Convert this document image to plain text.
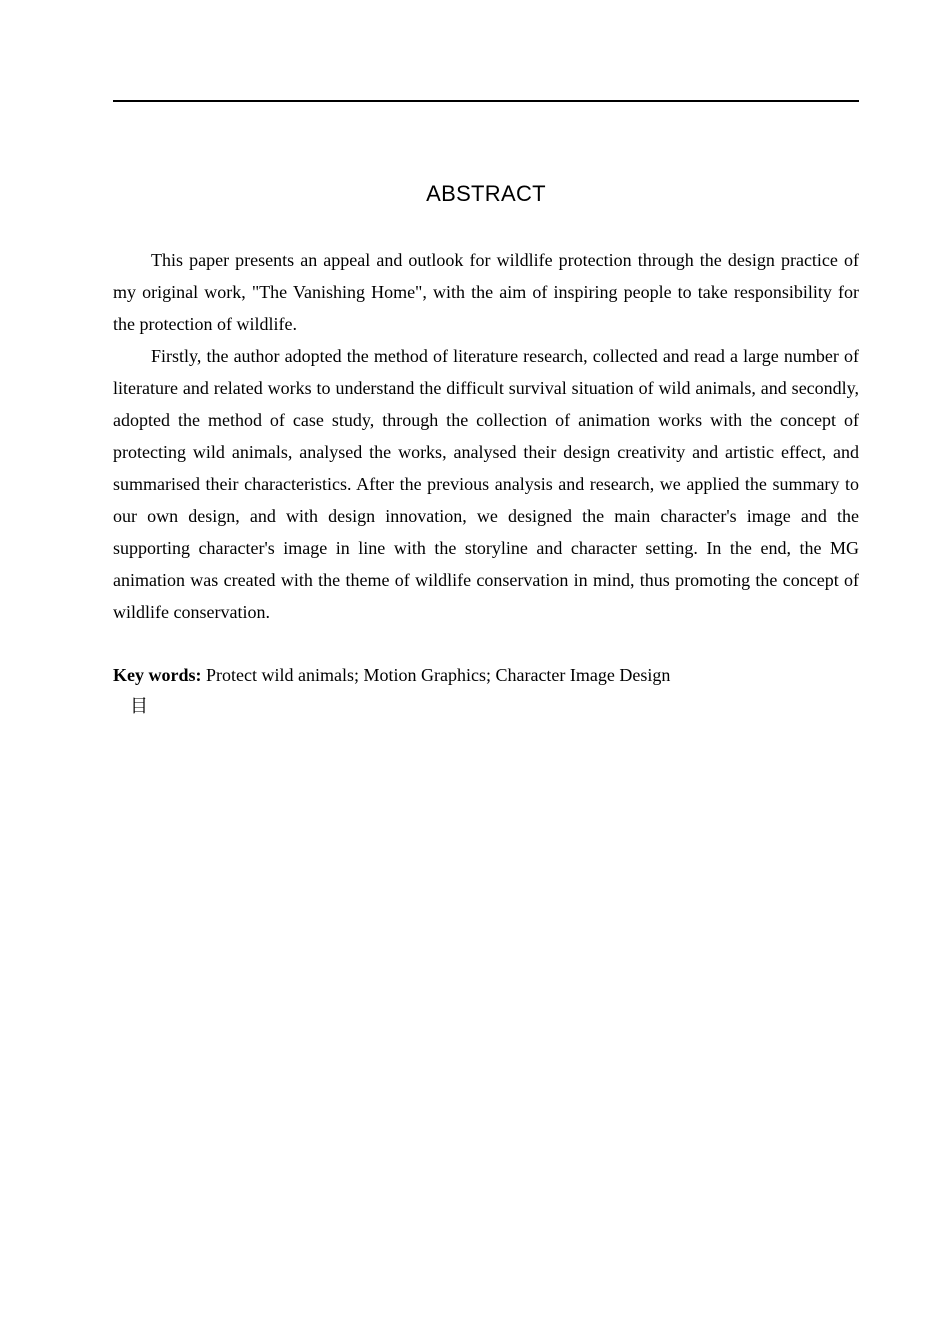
ABSTRACT

This paper presents an appeal and outlook for wildlife protection through the design practice of my original work, "The Vanishing Home", with the aim of inspiring people to take responsibility for the protection of wildlife.

Firstly, the author adopted the method of literature research, collected and read a large number of literature and related works to understand the difficult survival situation of wild animals, and secondly, adopted the method of case study, through the collection of animation works with the concept of protecting wild animals, analysed the works, analysed their design creativity and artistic effect, and summarised their characteristics. After the previous analysis and research, we applied the summary to our own design, and with design innovation, we designed the main character's image and the supporting character's image in line with the storyline and character setting. In the end, the MG animation was created with the theme of wildlife conservation in mind, thus promoting the concept of wildlife conservation.

Key words: Protect wild animals; Motion Graphics; Character Image Design
目
